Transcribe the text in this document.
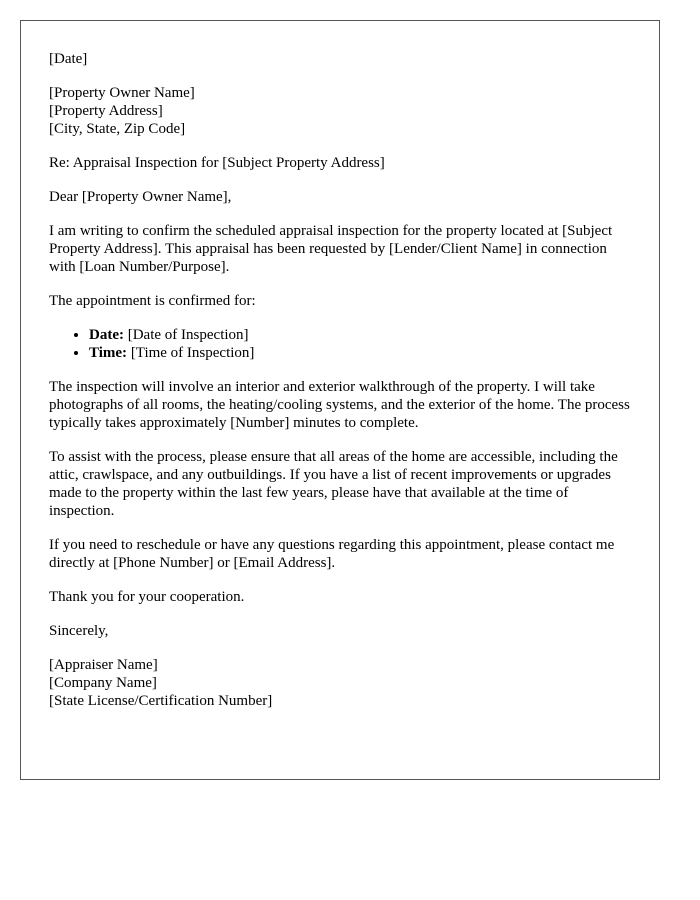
[Date]

[Property Owner Name]
[Property Address]
[City, State, Zip Code]

Re: Appraisal Inspection for [Subject Property Address]

Dear [Property Owner Name],

I am writing to confirm the scheduled appraisal inspection for the property located at [Subject Property Address]. This appraisal has been requested by [Lender/Client Name] in connection with [Loan Number/Purpose].

The appointment is confirmed for:

• Date: [Date of Inspection]
• Time: [Time of Inspection]

The inspection will involve an interior and exterior walkthrough of the property. I will take photographs of all rooms, the heating/cooling systems, and the exterior of the home. The process typically takes approximately [Number] minutes to complete.

To assist with the process, please ensure that all areas of the home are accessible, including the attic, crawlspace, and any outbuildings. If you have a list of recent improvements or upgrades made to the property within the last few years, please have that available at the time of inspection.

If you need to reschedule or have any questions regarding this appointment, please contact me directly at [Phone Number] or [Email Address].

Thank you for your cooperation.

Sincerely,

[Appraiser Name]
[Company Name]
[State License/Certification Number]
